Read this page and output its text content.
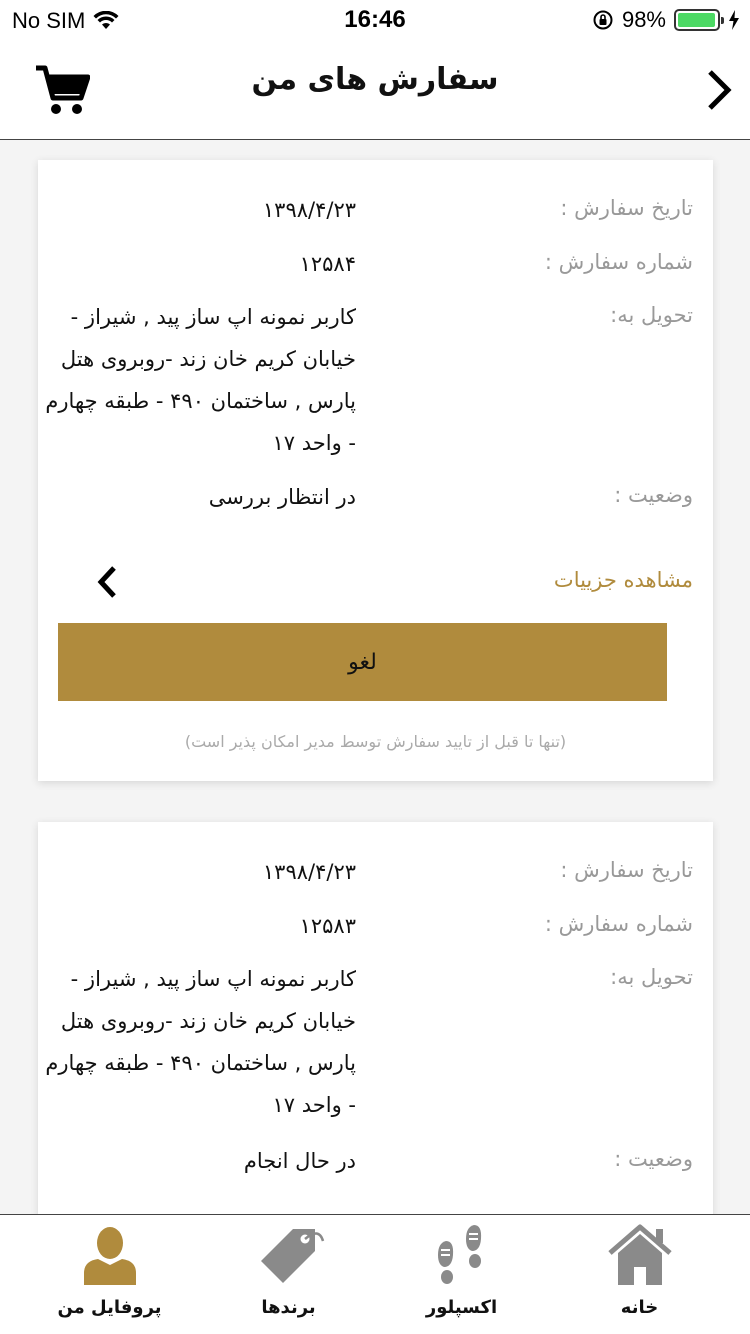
No SIM	16:46	98%
سفارش های من
تاریخ سفارش :
۱۳۹۸/۴/۲۳
شماره سفارش :
۱۲۵۸۴
تحویل به:
کاربر نمونه اپ ساز پید , شیراز - خیابان کریم خان زند -روبروی هتل پارس , ساختمان ۴۹۰ - طبقه چهارم - واحد ۱۷
وضعیت :
در انتظار بررسی
مشاهده جزییات
لغو
(تنها تا قبل از تایید سفارش توسط مدیر امکان پذیر است)
تاریخ سفارش :
۱۳۹۸/۴/۲۳
شماره سفارش :
۱۲۵۸۳
تحویل به:
کاربر نمونه اپ ساز پید , شیراز - خیابان کریم خان زند -روبروی هتل پارس , ساختمان ۴۹۰ - طبقه چهارم - واحد ۱۷
وضعیت :
در حال انجام
پروفایل من	برندها	اکسپلور	خانه
